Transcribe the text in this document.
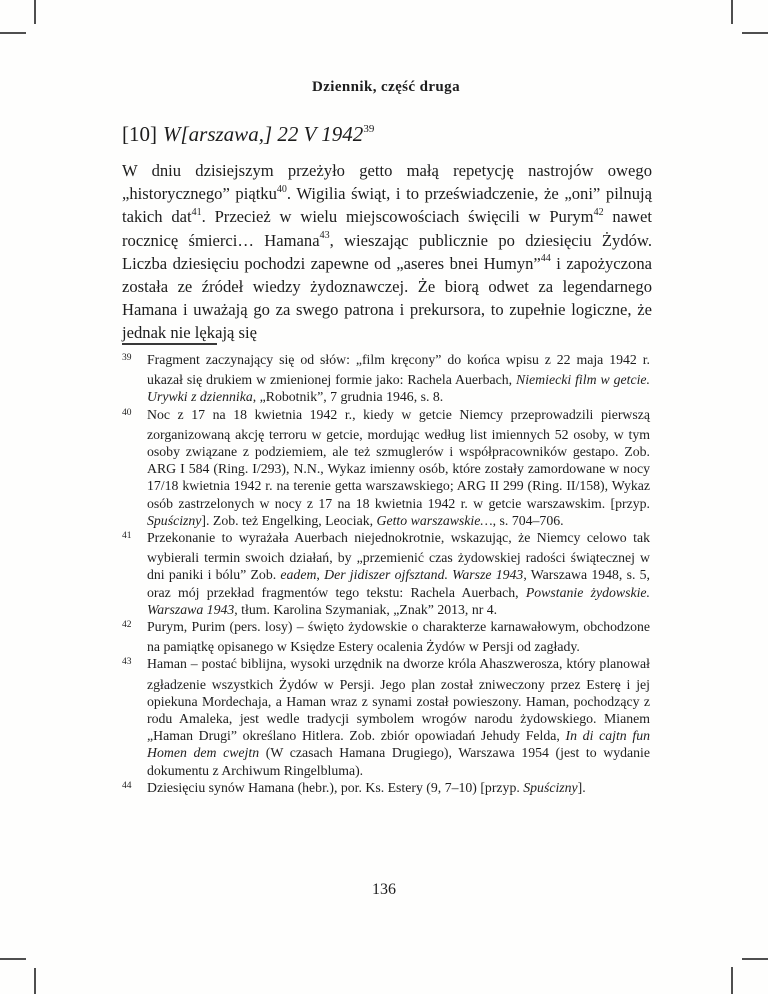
Dziennik, część druga
[10] W[arszawa,] 22 V 1942$^{39}$

W dniu dzisiejszym przeżyło getto małą repetycję nastrojów owego „historycznego” piątku$^{40}$. Wigilia świąt, i to przeświadczenie, że „oni” pilnują takich dat$^{41}$. Przecież w wielu miejscowościach święcili w Purym$^{42}$ nawet rocznicę śmierci… Hamana$^{43}$, wieszając publicznie po dziesięciu Żydów. Liczba dziesięciu pochodzi zapewne od „aseres bnei Humyn”$^{44}$ i zapożyczona została ze źródeł wiedzy żydoznawczej. Że biorą odwet za legendarnego Hamana i uważają go za swego patrona i prekursora, to zupełnie logiczne, że jednak nie lękają się

39 Fragment zaczynający się od słów: „film kręcony” do końca wpisu z 22 maja 1942 r. ukazał się drukiem w zmienionej formie jako: Rachela Auerbach, Niemiecki film w getcie. Urywki z dziennika, „Robotnik”, 7 grudnia 1946, s. 8.

40 Noc z 17 na 18 kwietnia 1942 r., kiedy w getcie Niemcy przeprowadzili pierwszą zorganizowaną akcję terroru w getcie, mordując według list imiennych 52 osoby, w tym osoby związane z podziemiem, ale też szmuglerów i współpracowników gestapo. Zob. ARG I 584 (Ring. I/293), N.N., Wykaz imienny osób, które zostały zamordowane w nocy 17/18 kwietnia 1942 r. na terenie getta warszawskiego; ARG II 299 (Ring. II/158), Wykaz osób zastrzelonych w nocy z 17 na 18 kwietnia 1942 r. w getcie warszawskim. [przyp. Spuścizny]. Zob. też Engelking, Leociak, Getto warszawskie…, s. 704–706.

41 Przekonanie to wyrażała Auerbach niejednokrotnie, wskazując, że Niemcy celowo tak wybierali termin swoich działań, by „przemienić czas żydowskiej radości świątecznej w dni paniki i bólu” Zob. eadem, Der jidiszer ojfsztand. Warsze 1943, Warszawa 1948, s. 5, oraz mój przekład fragmentów tego tekstu: Rachela Auerbach, Powstanie żydowskie. Warszawa 1943, tłum. Karolina Szymaniak, „Znak” 2013, nr 4.

42 Purym, Purim (pers. losy) – święto żydowskie o charakterze karnawałowym, obchodzone na pamiątkę opisanego w Księdze Estery ocalenia Żydów w Persji od zagłady.

43 Haman – postać biblijna, wysoki urzędnik na dworze króla Ahaszwerosza, który planował zgładzenie wszystkich Żydów w Persji. Jego plan został zniweczony przez Esterę i jej opiekuna Mordechaja, a Haman wraz z synami został powieszony. Haman, pochodzący z rodu Amaleka, jest wedle tradycji symbolem wrogów narodu żydowskiego. Mianem „Haman Drugi” określano Hitlera. Zob. zbiór opowiadań Jehudy Felda, In di cajtn fun Homen dem cwejtn (W czasach Hamana Drugiego), Warszawa 1954 (jest to wydanie dokumentu z Archiwum Ringelbluma).

44 Dziesięciu synów Hamana (hebr.), por. Ks. Estery (9, 7–10) [przyp. Spuścizny].

136
